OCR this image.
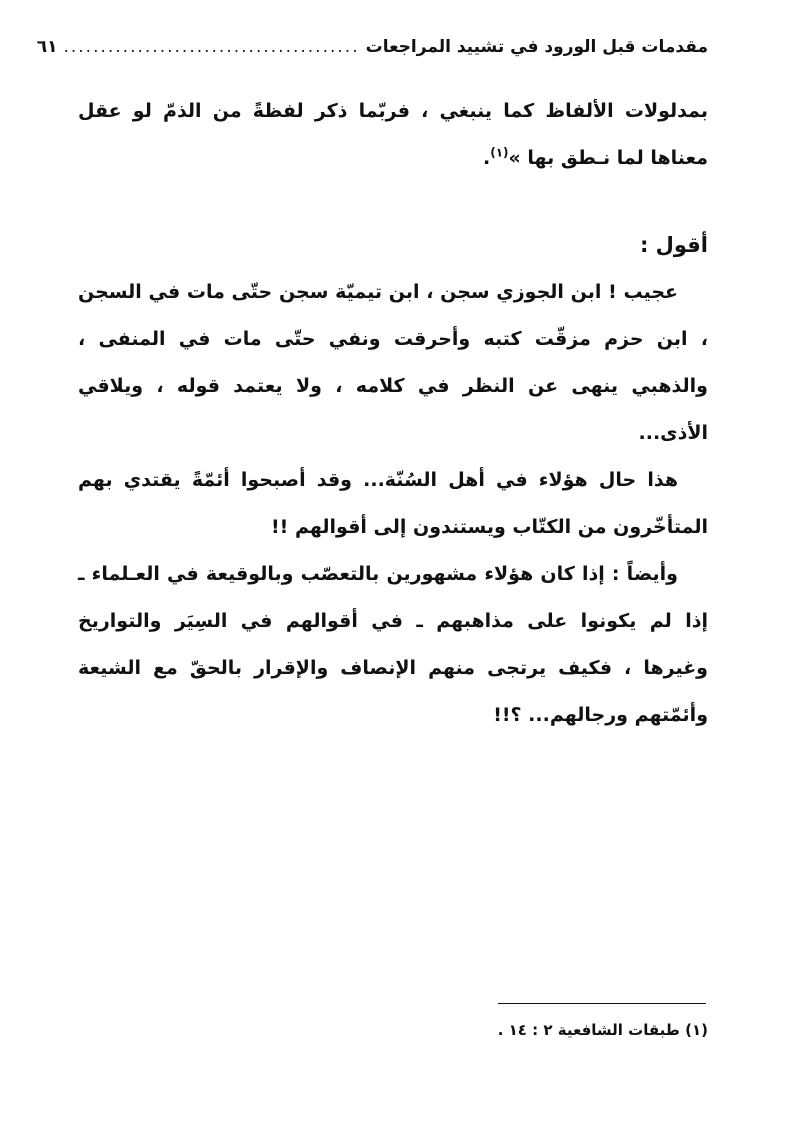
مقدمات قبل الورود في تشييد المراجعات
........................................
٦١

بمدلولات الألفاظ كما ينبغي ، فربّما ذكر لفظةً من الذمّ لو عقل معناها لما نـطق بها »$^{(١)}$.

أقول :

عجيب ! ابن الجوزي سجن ، ابن تيميّة سجن حتّى مات في السجن ، ابن حزم مزقّت كتبه وأحرقت ونفي حتّى مات في المنفى ، والذهبي ينهى عن النظر في كلامه ، ولا يعتمد قوله ، ويلاقي الأذى...

هذا حال هؤلاء في أهل السُنّة... وقد أصبحوا أئمّةً يقتدي بهم المتأخّرون من الكتّاب ويستندون إلى أقوالهم !!

وأيضاً : إذا كان هؤلاء مشهورين بالتعصّب وبالوقيعة في العـلماء ـ إذا لم يكونوا على مذاهبهم ـ في أقوالهم في السِيَر والتواريخ وغيرها ، فكيف يرتجى منهم الإنصاف والإقرار بالحقّ مع الشيعة وأئمّتهم ورجالهم... ؟!!

(١) طبقات الشافعية ٢ : ١٤ .
